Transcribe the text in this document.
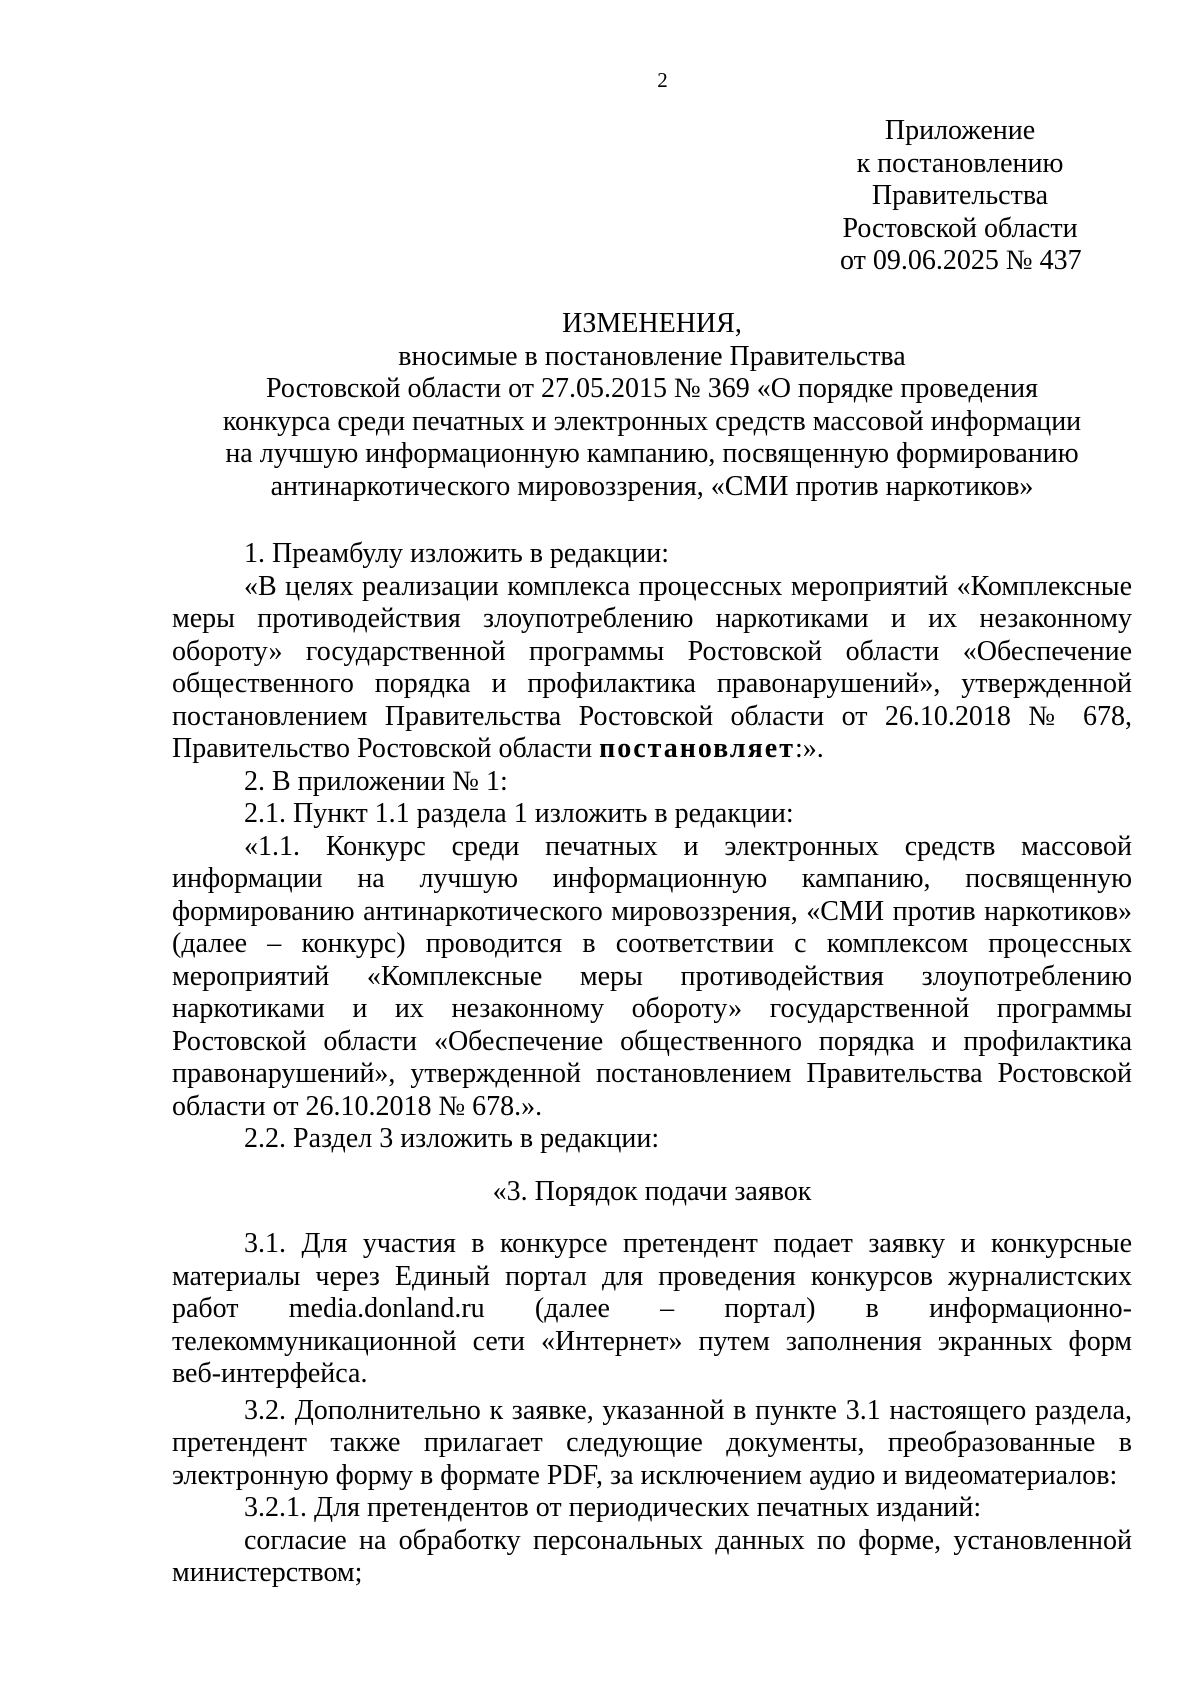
2
Приложение
к постановлению
Правительства
Ростовской области
от 09.06.2025 № 437
ИЗМЕНЕНИЯ,
вносимые в постановление Правительства
Ростовской области от 27.05.2015 № 369 «О порядке проведения
конкурса среди печатных и электронных средств массовой информации
на лучшую информационную кампанию, посвященную формированию
антинаркотического мировоззрения, «СМИ против наркотиков»

1. Преамбулу изложить в редакции:

«В целях реализации комплекса процессных мероприятий «Комплексные меры противодействия злоупотреблению наркотиками и их незаконному обороту» государственной программы Ростовской области «Обеспечение общественного порядка и профилактика правонарушений», утвержденной постановлением Правительства Ростовской области от 26.10.2018 № 678, Правительство Ростовской области постановляет:».

2. В приложении № 1:

2.1. Пункт 1.1 раздела 1 изложить в редакции:

«1.1. Конкурс среди печатных и электронных средств массовой информации на лучшую информационную кампанию, посвященную формированию антинаркотического мировоззрения, «СМИ против наркотиков» (далее – конкурс) проводится в соответствии с комплексом процессных мероприятий «Комплексные меры противодействия злоупотреблению наркотиками и их незаконному обороту» государственной программы Ростовской области «Обеспечение общественного порядка и профилактика правонарушений», утвержденной постановлением Правительства Ростовской области от 26.10.2018 № 678.».

2.2. Раздел 3 изложить в редакции:

«3. Порядок подачи заявок

3.1. Для участия в конкурсе претендент подает заявку и конкурсные материалы через Единый портал для проведения конкурсов журналистских работ media.donland.ru (далее – портал) в информационно-телекоммуникационной сети «Интернет» путем заполнения экранных форм веб-интерфейса.

3.2. Дополнительно к заявке, указанной в пункте 3.1 настоящего раздела, претендент также прилагает следующие документы, преобразованные в электронную форму в формате PDF, за исключением аудио и видеоматериалов:

3.2.1. Для претендентов от периодических печатных изданий:

согласие на обработку персональных данных по форме, установленной министерством;
